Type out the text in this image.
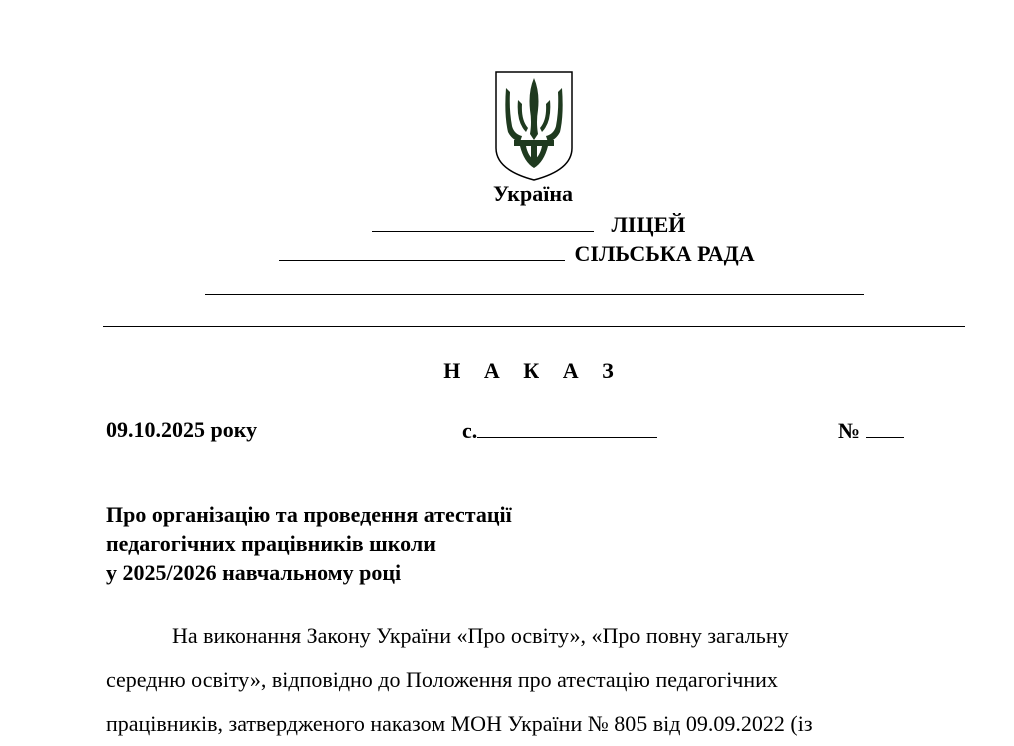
Україна
ЛІЦЕЙ
СІЛЬСЬКА РАДА
Н А К А З
09.10.2025 року	с.	№
Про організацію та проведення атестації
педагогічних працівників школи
у 2025/2026 навчальному році
На виконання Закону України «Про освіту», «Про повну загальну
середню освіту», відповідно до Положення про атестацію педагогічних
працівників, затвердженого наказом МОН України № 805 від 09.09.2022 (із
